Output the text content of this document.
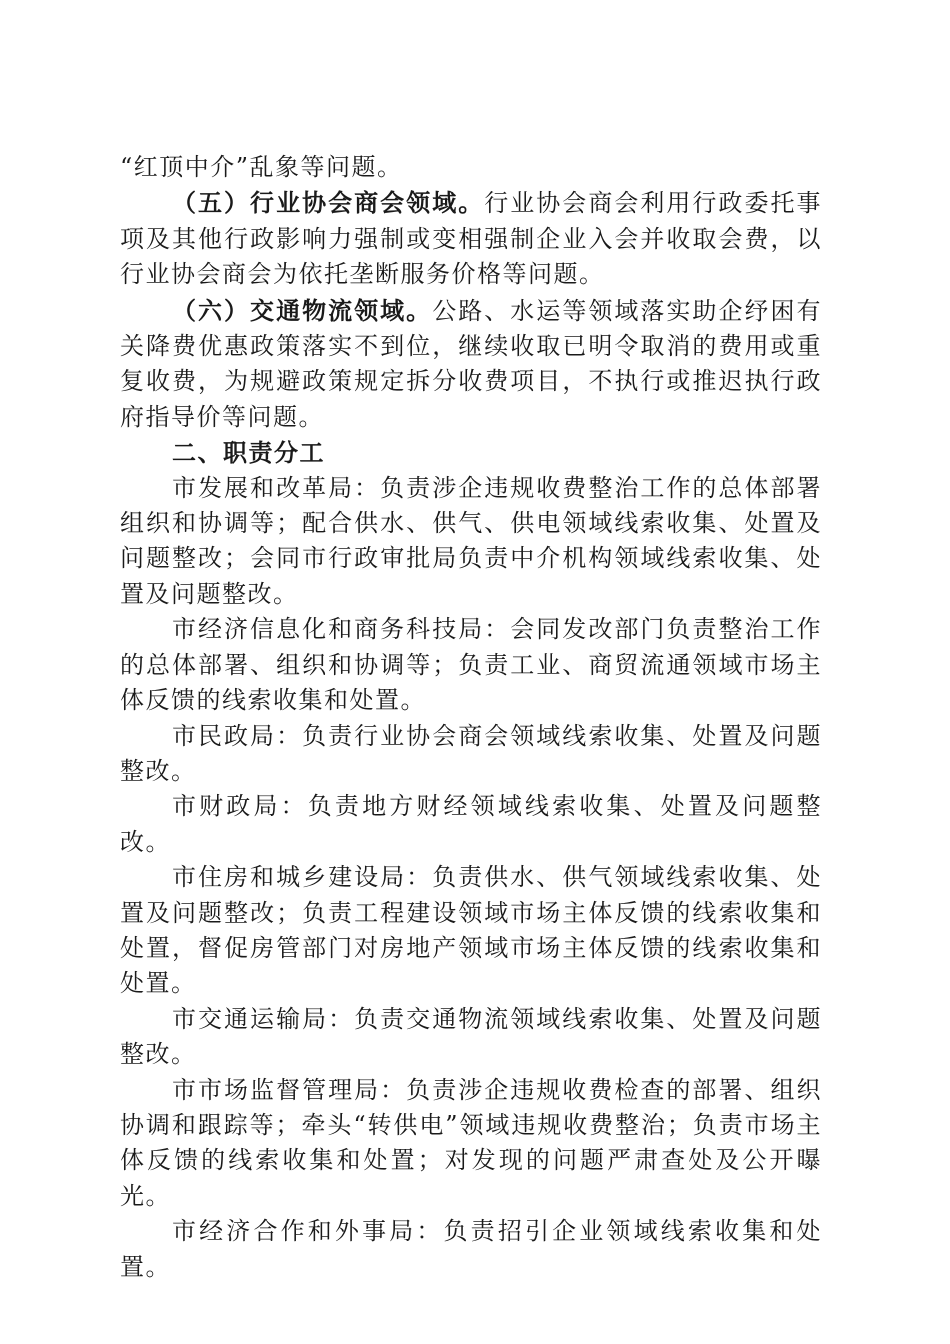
“红顶中介”乱象等问题。

（五）行业协会商会领域。行业协会商会利用行政委托事项及其他行政影响力强制或变相强制企业入会并收取会费，以行业协会商会为依托垄断服务价格等问题。

（六）交通物流领域。公路、水运等领域落实助企纾困有关降费优惠政策落实不到位，继续收取已明令取消的费用或重复收费，为规避政策规定拆分收费项目，不执行或推迟执行政府指导价等问题。

二、职责分工

市发展和改革局：负责涉企违规收费整治工作的总体部署组织和协调等；配合供水、供气、供电领域线索收集、处置及问题整改；会同市行政审批局负责中介机构领域线索收集、处置及问题整改。

市经济信息化和商务科技局：会同发改部门负责整治工作的总体部署、组织和协调等；负责工业、商贸流通领域市场主体反馈的线索收集和处置。

市民政局：负责行业协会商会领域线索收集、处置及问题整改。

市财政局：负责地方财经领域线索收集、处置及问题整改。

市住房和城乡建设局：负责供水、供气领域线索收集、处置及问题整改；负责工程建设领域市场主体反馈的线索收集和处置，督促房管部门对房地产领域市场主体反馈的线索收集和处置。

市交通运输局：负责交通物流领域线索收集、处置及问题整改。

市市场监督管理局：负责涉企违规收费检查的部署、组织协调和跟踪等；牵头“转供电”领域违规收费整治；负责市场主体反馈的线索收集和处置；对发现的问题严肃查处及公开曝光。

市经济合作和外事局：负责招引企业领域线索收集和处置。
